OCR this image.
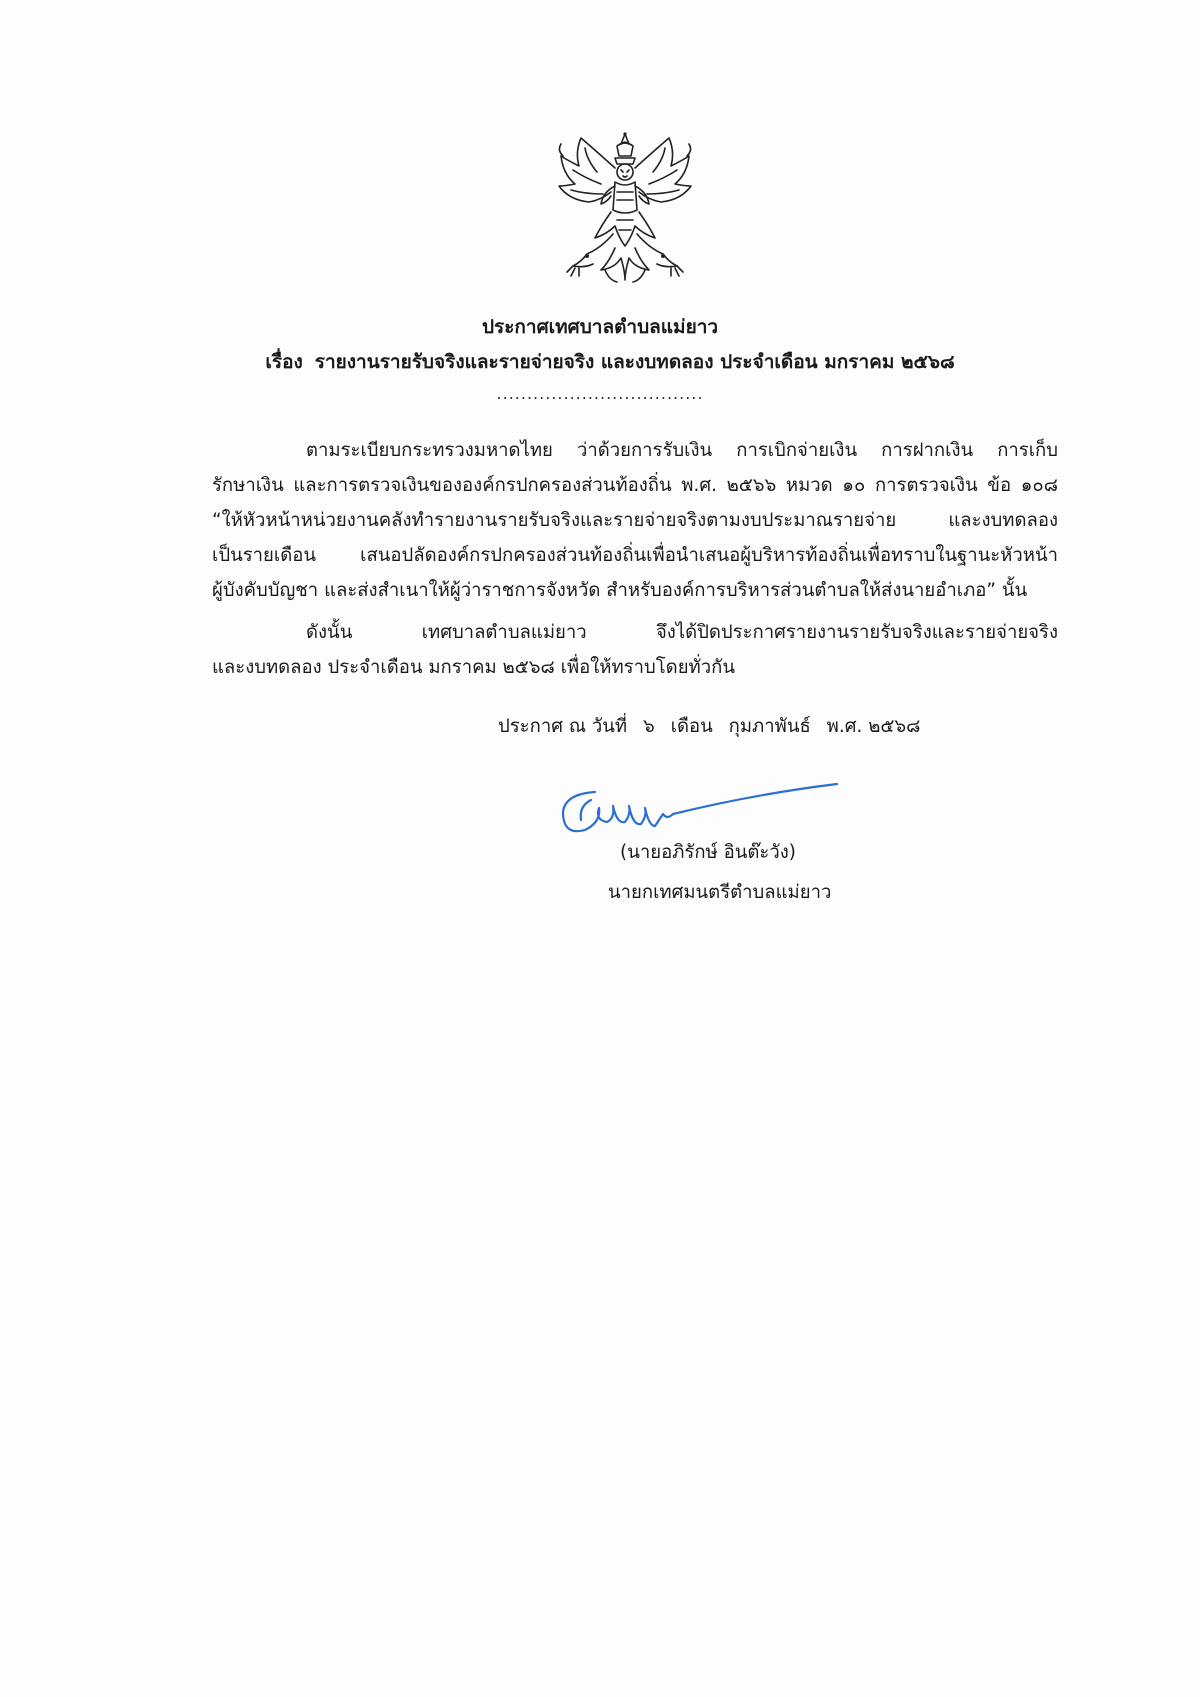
ประกาศเทศบาลตำบลแม่ยาว
เรื่อง รายงานรายรับจริงและรายจ่ายจริง และงบทดลอง ประจำเดือน มกราคม ๒๕๖๘
..................................
ตามระเบียบกระทรวงมหาดไทย ว่าด้วยการรับเงิน การเบิกจ่ายเงิน การฝากเงิน การเก็บ
รักษาเงิน และการตรวจเงินขององค์กรปกครองส่วนท้องถิ่น พ.ศ. ๒๕๖๖ หมวด ๑๐ การตรวจเงิน ข้อ ๑๐๘
“ให้หัวหน้าหน่วยงานคลังทำรายงานรายรับจริงและรายจ่ายจริงตามงบประมาณรายจ่าย และงบทดลอง
เป็นรายเดือน เสนอปลัดองค์กรปกครองส่วนท้องถิ่นเพื่อนำเสนอผู้บริหารท้องถิ่นเพื่อทราบในฐานะหัวหน้า
ผู้บังคับบัญชา และส่งสำเนาให้ผู้ว่าราชการจังหวัด สำหรับองค์การบริหารส่วนตำบลให้ส่งนายอำเภอ” นั้น
ดังนั้น เทศบาลตำบลแม่ยาว จึงได้ปิดประกาศรายงานรายรับจริงและรายจ่ายจริง
และงบทดลอง ประจำเดือน มกราคม ๒๕๖๘ เพื่อให้ทราบโดยทั่วกัน
ประกาศ ณ วันที่ ๖ เดือน กุมภาพันธ์ พ.ศ. ๒๕๖๘
(นายอภิรักษ์ อินต๊ะวัง)
นายกเทศมนตรีตำบลแม่ยาว
